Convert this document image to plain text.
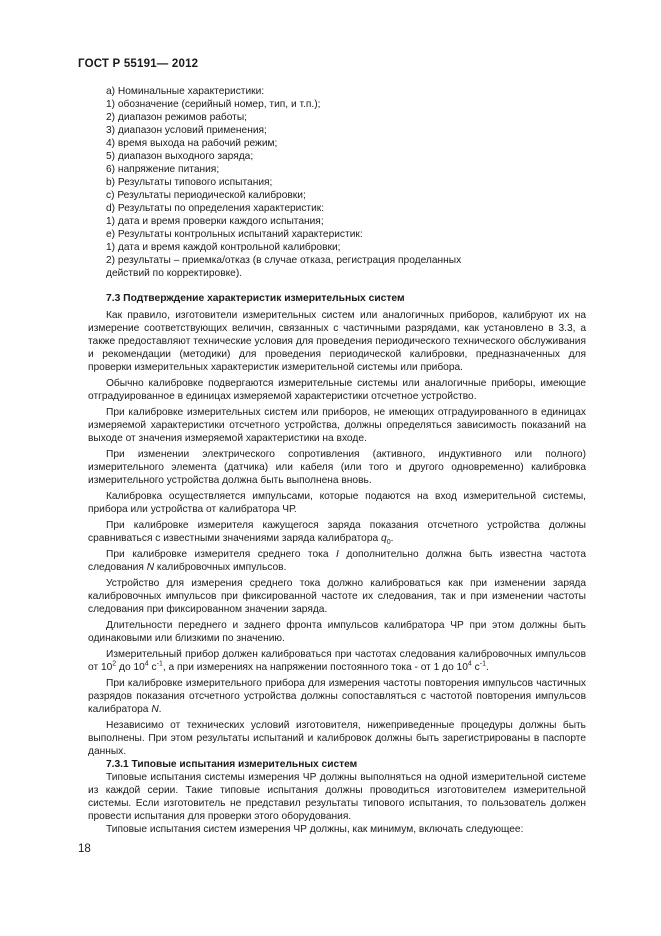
ГОСТ Р 55191— 2012
а) Номинальные характеристики:
1) обозначение (серийный номер, тип, и т.п.);
2) диапазон режимов работы;
3) диапазон условий применения;
4) время выхода на рабочий режим;
5) диапазон выходного заряда;
6) напряжение питания;
b) Результаты типового испытания;
с) Результаты периодической калибровки;
d) Результаты по определения характеристик:
1) дата и время проверки каждого испытания;
е) Результаты контрольных испытаний характеристик:
1) дата и время каждой контрольной калибровки;
2) результаты – приемка/отказ (в случае отказа, регистрация проделанных
действий по корректировке).
7.3 Подтверждение характеристик измерительных систем

Как правило, изготовители измерительных систем или аналогичных приборов, калибруют их на измерение соответствующих величин, связанных с частичными разрядами, как установлено в 3.3, а также предоставляют технические условия для проведения периодического технического обслуживания и рекомендации (методики) для проведения периодической калибровки, предназначенных для проверки измерительных характеристик измерительной системы или прибора.

Обычно калибровке подвергаются измерительные системы или аналогичные приборы, имеющие отградуированное в единицах измеряемой характеристики отсчетное устройство.

При калибровке измерительных систем или приборов, не имеющих отградуированного в единицах измеряемой характеристики отсчетного устройства, должны определяться зависимость показаний на выходе от значения измеряемой характеристики на входе.

При изменении электрического сопротивления (активного, индуктивного или полного) измерительного элемента (датчика) или кабеля (или того и другого одновременно) калибровка измерительного устройства должна быть выполнена вновь.

Калибровка осуществляется импульсами, которые подаются на вход измерительной системы, прибора или устройства от калибратора ЧР.

При калибровке измерителя кажущегося заряда показания отсчетного устройства должны сравниваться с известными значениями заряда калибратора $q_0$.

При калибровке измерителя среднего тока I дополнительно должна быть известна частота следования N калибровочных импульсов.

Устройство для измерения среднего тока должно калиброваться как при изменении заряда калибровочных импульсов при фиксированной частоте их следования, так и при изменении частоты следования при фиксированном значении заряда.

Длительности переднего и заднего фронта импульсов калибратора ЧР при этом должны быть одинаковыми или близкими по значению.

Измерительный прибор должен калиброваться при частотах следования калибровочных импульсов от $10^2$ до $10^4$ $с^{-1}$, а при измерениях на напряжении постоянного тока - от 1 до $10^4$ $с^{-1}$.

При калибровке измерительного прибора для измерения частоты повторения импульсов частичных разрядов показания отсчетного устройства должны сопоставляться с частотой повторения импульсов калибратора N.

Независимо от технических условий изготовителя, нижеприведенные процедуры должны быть выполнены. При этом результаты испытаний и калибровок должны быть зарегистрированы в паспорте данных.

7.3.1 Типовые испытания измерительных систем

Типовые испытания системы измерения ЧР должны выполняться на одной измерительной системе из каждой серии. Такие типовые испытания должны проводиться изготовителем измерительной системы. Если изготовитель не представил результаты типового испытания, то пользователь должен провести испытания для проверки этого оборудования.

Типовые испытания систем измерения ЧР должны, как минимум, включать следующее:

18
